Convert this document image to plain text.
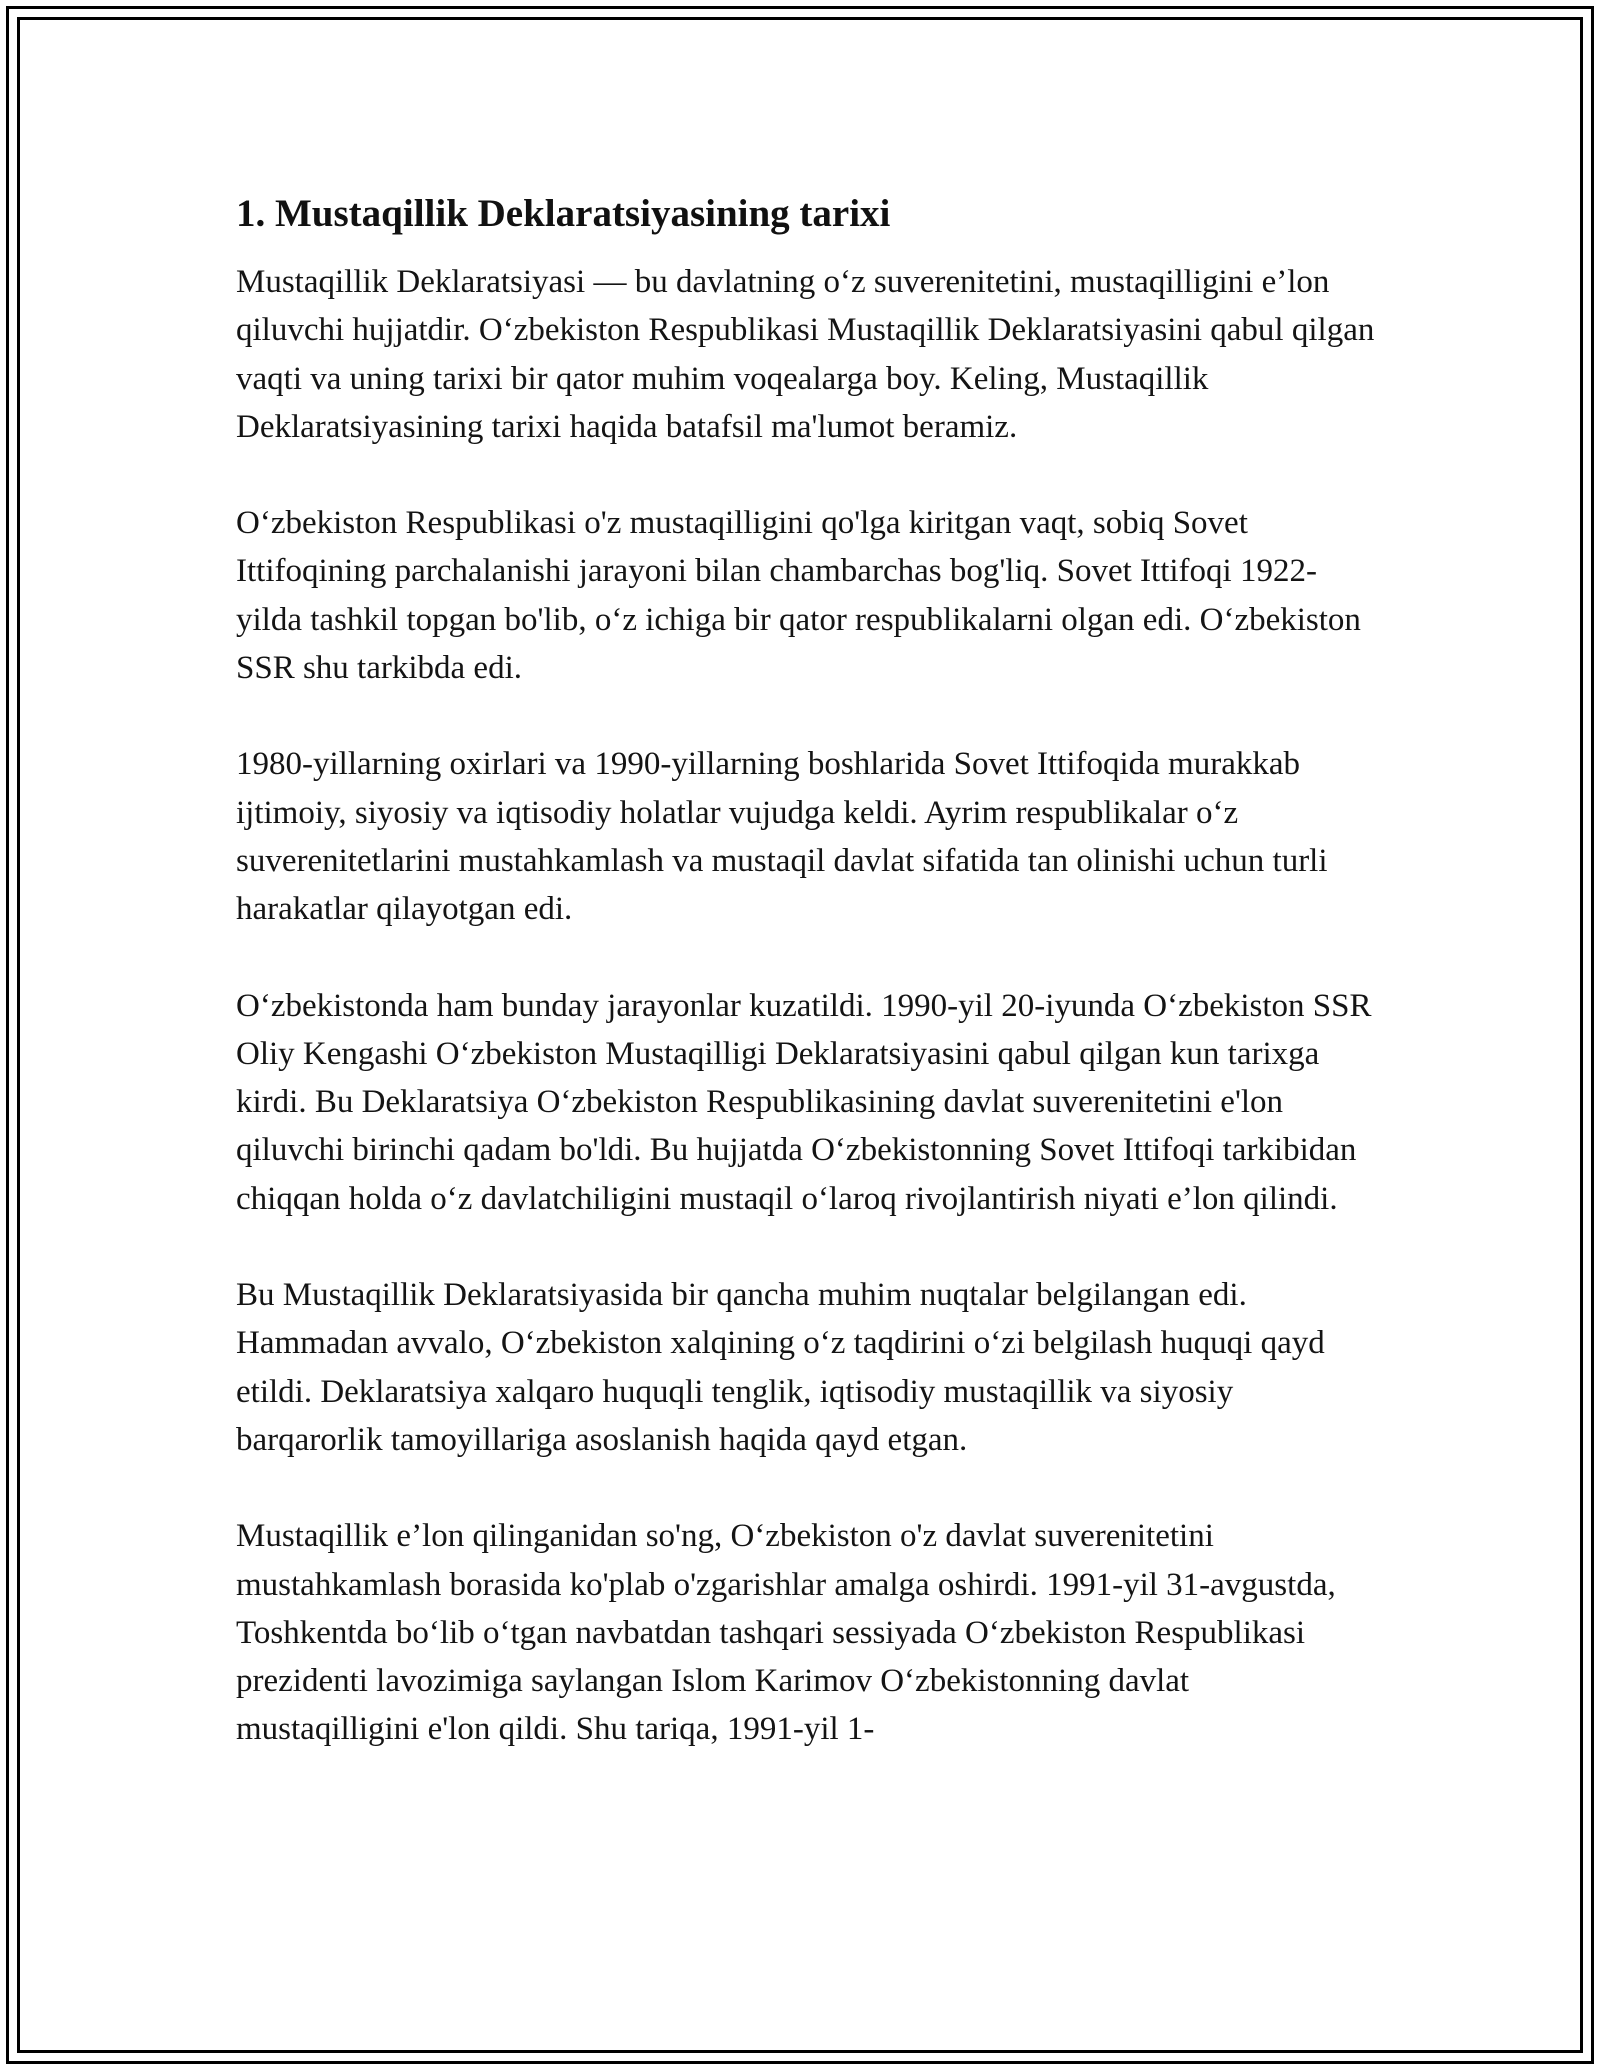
1. Mustaqillik Deklaratsiyasining tarixi

Mustaqillik Deklaratsiyasi — bu davlatning o‘z suverenitetini, mustaqilligini e’lon qiluvchi hujjatdir. O‘zbekiston Respublikasi Mustaqillik Deklaratsiyasini qabul qilgan vaqti va uning tarixi bir qator muhim voqealarga boy. Keling, Mustaqillik Deklaratsiyasining tarixi haqida batafsil ma'lumot beramiz.

O‘zbekiston Respublikasi o'z mustaqilligini qo'lga kiritgan vaqt, sobiq Sovet Ittifoqining parchalanishi jarayoni bilan chambarchas bog'liq. Sovet Ittifoqi 1922-yilda tashkil topgan bo'lib, o‘z ichiga bir qator respublikalarni olgan edi. O‘zbekiston SSR shu tarkibda edi.

1980-yillarning oxirlari va 1990-yillarning boshlarida Sovet Ittifoqida murakkab ijtimoiy, siyosiy va iqtisodiy holatlar vujudga keldi. Ayrim respublikalar o‘z suverenitetlarini mustahkamlash va mustaqil davlat sifatida tan olinishi uchun turli harakatlar qilayotgan edi.

O‘zbekistonda ham bunday jarayonlar kuzatildi. 1990-yil 20-iyunda O‘zbekiston SSR Oliy Kengashi O‘zbekiston Mustaqilligi Deklaratsiyasini qabul qilgan kun tarixga kirdi. Bu Deklaratsiya O‘zbekiston Respublikasining davlat suverenitetini e'lon qiluvchi birinchi qadam bo'ldi. Bu hujjatda O‘zbekistonning Sovet Ittifoqi tarkibidan chiqqan holda o‘z davlatchiligini mustaqil o‘laroq rivojlantirish niyati e’lon qilindi.

Bu Mustaqillik Deklaratsiyasida bir qancha muhim nuqtalar belgilangan edi. Hammadan avvalo, O‘zbekiston xalqining o‘z taqdirini o‘zi belgilash huquqi qayd etildi. Deklaratsiya xalqaro huquqli tenglik, iqtisodiy mustaqillik va siyosiy barqarorlik tamoyillariga asoslanish haqida qayd etgan.

Mustaqillik e’lon qilinganidan so'ng, O‘zbekiston o'z davlat suverenitetini mustahkamlash borasida ko'plab o'zgarishlar amalga oshirdi. 1991-yil 31-avgustda, Toshkentda bo‘lib o‘tgan navbatdan tashqari sessiyada O‘zbekiston Respublikasi prezidenti lavozimiga saylangan Islom Karimov O‘zbekistonning davlat mustaqilligini e'lon qildi. Shu tariqa, 1991-yil 1-
